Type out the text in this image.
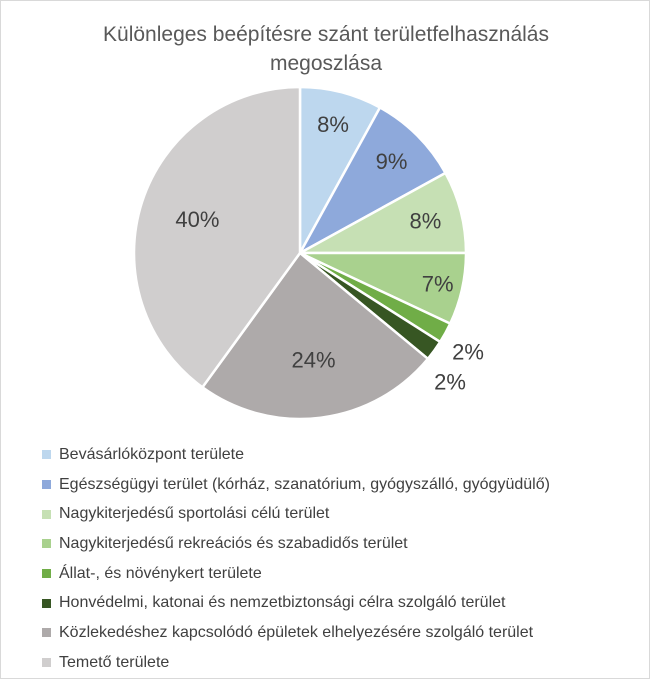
Különleges beépítésre szánt területfelhasználás
megoszlása
8%
9%
8%
7%
2%
2%
24%
40%
Bevásárlóközpont területe
Egészségügyi terület (kórház, szanatórium, gyógyszálló, gyógyüdülő)
Nagykiterjedésű sportolási célú terület
Nagykiterjedésű rekreációs és szabadidős terület
Állat-, és növénykert területe
Honvédelmi, katonai és nemzetbiztonsági célra szolgáló terület
Közlekedéshez kapcsolódó épületek elhelyezésére szolgáló terület
Temető területe
